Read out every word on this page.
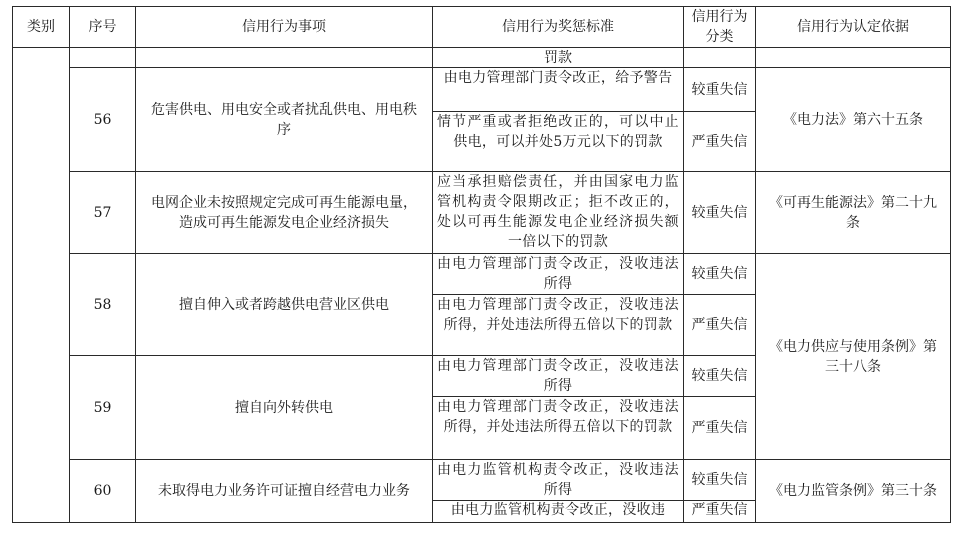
类别	序号	信用行为事项	信用行为奖惩标准	信用行为分类	信用行为认定依据
			罚款		
	56	危害供电、用电安全或者扰乱供电、用电秩序	由电力管理部门责令改正，给予警告	较重失信	《电力法》第六十五条
			情节严重或者拒绝改正的，可以中止供电，可以并处5万元以下的罚款	严重失信	
	57	电网企业未按照规定完成可再生能源电量，造成可再生能源发电企业经济损失	应当承担赔偿责任，并由国家电力监管机构责令限期改正；拒不改正的，处以可再生能源发电企业经济损失额一倍以下的罚款	较重失信	《可再生能源法》第二十九条
	58	擅自伸入或者跨越供电营业区供电	由电力管理部门责令改正，没收违法所得	较重失信	《电力供应与使用条例》第三十八条
			由电力管理部门责令改正，没收违法所得，并处违法所得五倍以下的罚款	严重失信	
	59	擅自向外转供电	由电力管理部门责令改正，没收违法所得	较重失信	
			由电力管理部门责令改正，没收违法所得，并处违法所得五倍以下的罚款	严重失信	
	60	未取得电力业务许可证擅自经营电力业务	由电力监管机构责令改正，没收违法所得	较重失信	《电力监管条例》第三十条
			由电力监管机构责令改正，没收违	严重失信	
